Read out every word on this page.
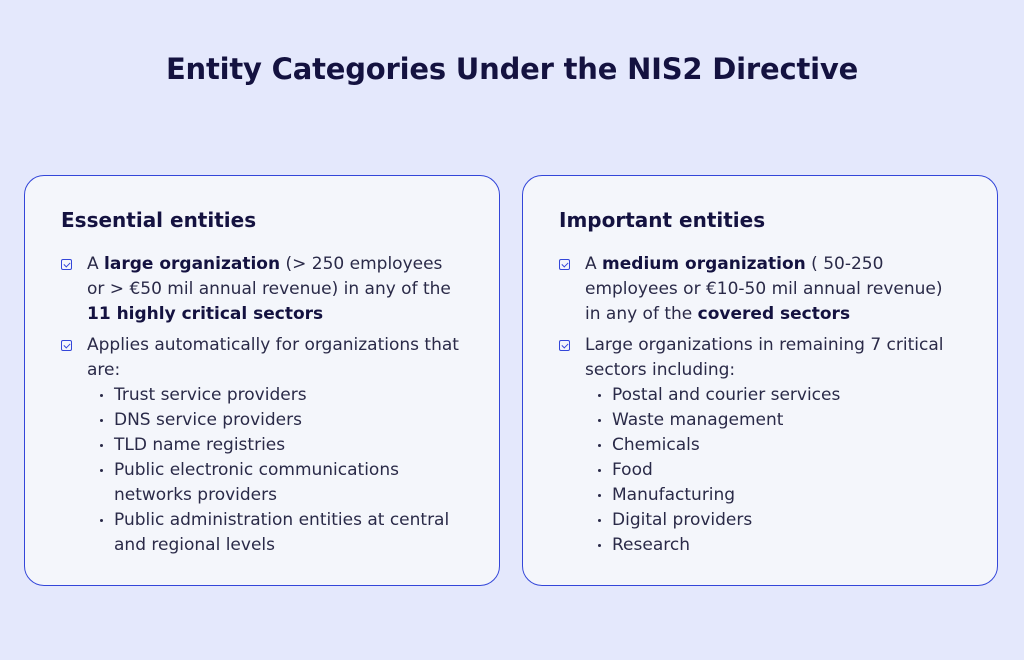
Entity Categories Under the NIS2 Directive
Essential entities
A large organization (> 250 employees or > €50 mil annual revenue) in any of the 11 highly critical sectors
Applies automatically for organizations that are:
Trust service providers
DNS service providers
TLD name registries
Public electronic communications networks providers
Public administration entities at central and regional levels
Important entities
A medium organization ( 50-250 employees or €10-50 mil annual revenue) in any of the covered sectors
Large organizations in remaining 7 critical sectors including:
Postal and courier services
Waste management
Chemicals
Food
Manufacturing
Digital providers
Research
